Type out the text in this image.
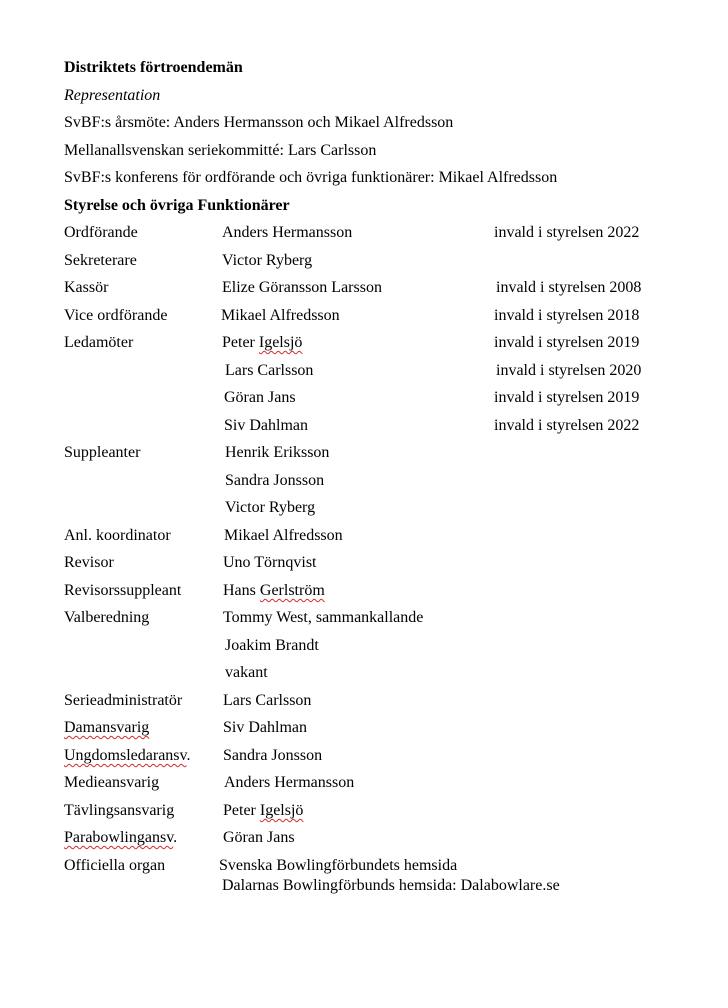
Distriktets förtroendemän
Representation
SvBF:s årsmöte: Anders Hermansson och Mikael Alfredsson
Mellanallsvenskan seriekommitté: Lars Carlsson
SvBF:s konferens för ordförande och övriga funktionärer: Mikael Alfredsson
Styrelse och övriga Funktionärer
Ordförande	Anders Hermansson	invald i styrelsen 2022
Sekreterare	Victor Ryberg
Kassör	Elize Göransson Larsson	invald i styrelsen 2008
Vice ordförande	Mikael Alfredsson	invald i styrelsen 2018
Ledamöter	Peter Igelsjö	invald i styrelsen 2019
Lars Carlsson	invald i styrelsen 2020
Göran Jans	invald i styrelsen 2019
Siv Dahlman	invald i styrelsen 2022
Suppleanter	Henrik Eriksson
Sandra Jonsson
Victor Ryberg
Anl. koordinator	Mikael Alfredsson
Revisor	Uno Törnqvist
Revisorssuppleant	Hans Gerlström
Valberedning	Tommy West, sammankallande
Joakim Brandt
vakant
Serieadministratör	Lars Carlsson
Damansvarig	Siv Dahlman
Ungdomsledaransv. Sandra Jonsson
Medieansvarig	Anders Hermansson
Tävlingsansvarig	Peter Igelsjö
Parabowlingansv.	Göran Jans
Officiella organ	Svenska Bowlingförbundets hemsida
Dalarnas Bowlingförbunds hemsida: Dalabowlare.se
